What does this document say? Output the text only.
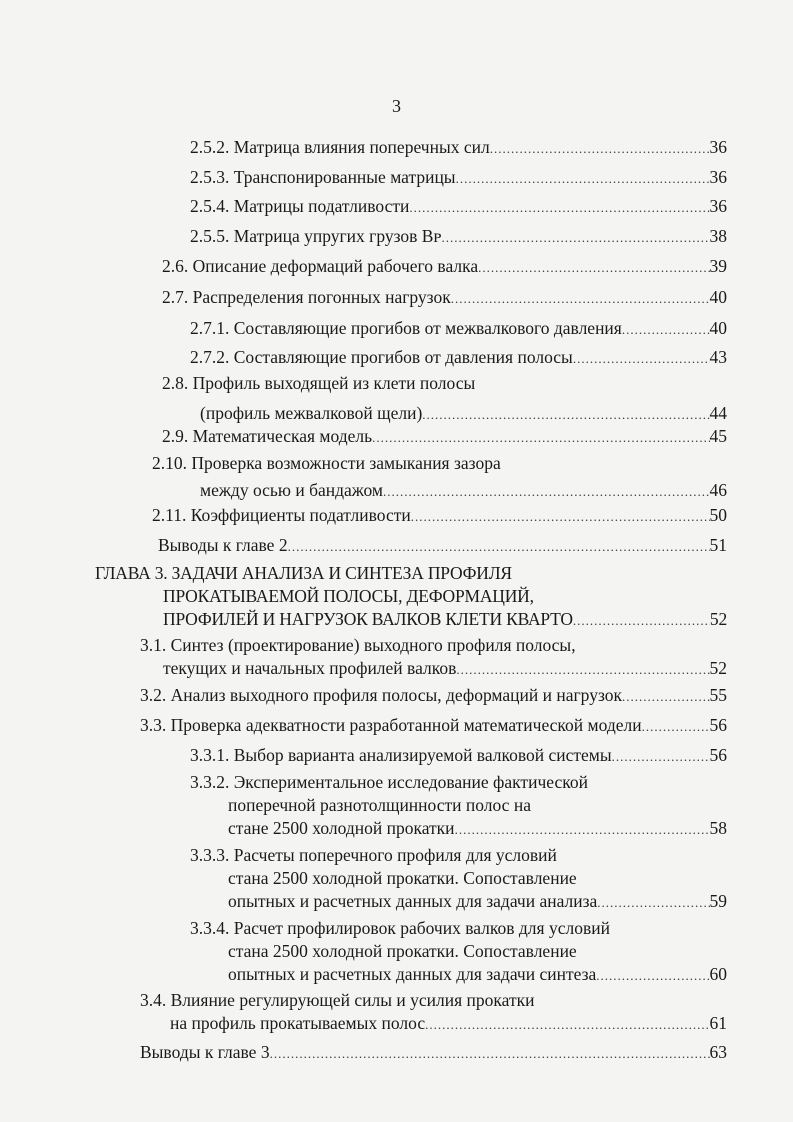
3
2.5.2. Матрица влияния поперечных сил .....	36
2.5.3. Транспонированные матрицы .....	36
2.5.4. Матрицы податливости .....	36
2.5.5. Матрица упругих грузов Bᴘ .....	38
2.6. Описание деформаций рабочего валка .....	39
2.7. Распределения погонных нагрузок .....	40
2.7.1. Составляющие прогибов от межвалкового давления .....	40
2.7.2. Составляющие прогибов от давления полосы .....	43
2.8. Профиль выходящей из клети полосы
(профиль межвалковой щели) .....	44
2.9. Математическая модель .....	45
2.10. Проверка возможности замыкания зазора
между осью и бандажом .....	46
2.11. Коэффициенты податливости .....	50
Выводы к главе 2 .....	51
ГЛАВА 3. ЗАДАЧИ АНАЛИЗА И СИНТЕЗА ПРОФИЛЯ
ПРОКАТЫВАЕМОЙ ПОЛОСЫ, ДЕФОРМАЦИЙ,
ПРОФИЛЕЙ И НАГРУЗОК ВАЛКОВ КЛЕТИ КВАРТО .....	52
3.1. Синтез (проектирование) выходного профиля полосы,
текущих и начальных профилей валков .....	52
3.2. Анализ выходного профиля полосы, деформаций и нагрузок .....	55
3.3. Проверка адекватности разработанной математической модели .....	56
3.3.1. Выбор варианта анализируемой валковой системы .....	56
3.3.2. Экспериментальное исследование фактической
поперечной разнотолщинности полос на
стане 2500 холодной прокатки .....	58
3.3.3. Расчеты поперечного профиля для условий
стана 2500 холодной прокатки. Сопоставление
опытных и расчетных данных для задачи анализа .....	59
3.3.4. Расчет профилировок рабочих валков для условий
стана 2500 холодной прокатки. Сопоставление
опытных и расчетных данных для задачи синтеза .....	60
3.4. Влияние регулирующей силы и усилия прокатки
на профиль прокатываемых полос .....	61
Выводы к главе 3 .....	63
